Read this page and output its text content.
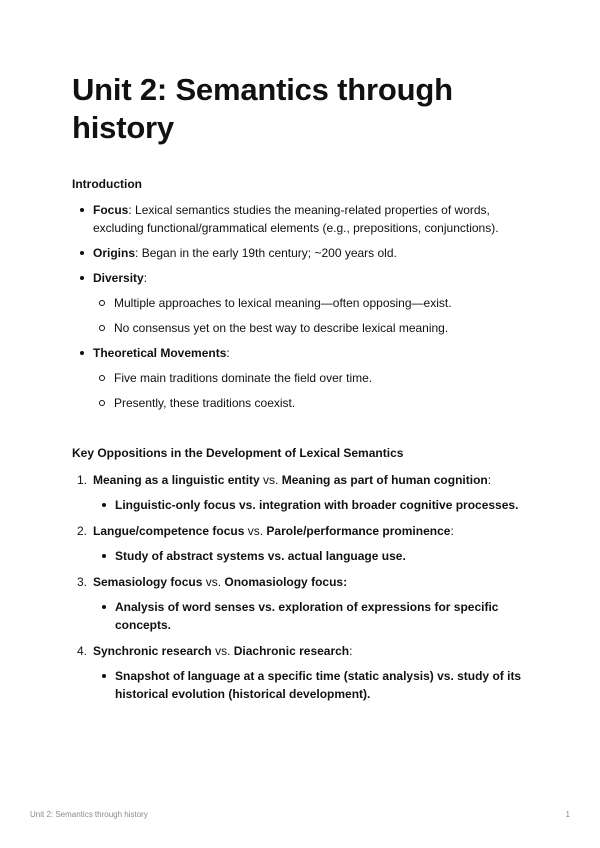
Unit 2: Semantics through history
Introduction
Focus: Lexical semantics studies the meaning-related properties of words, excluding functional/grammatical elements (e.g., prepositions, conjunctions).
Origins: Began in the early 19th century; ~200 years old.
Diversity:
Multiple approaches to lexical meaning—often opposing—exist.
No consensus yet on the best way to describe lexical meaning.
Theoretical Movements:
Five main traditions dominate the field over time.
Presently, these traditions coexist.
Key Oppositions in the Development of Lexical Semantics
1. Meaning as a linguistic entity vs. Meaning as part of human cognition:
Linguistic-only focus vs. integration with broader cognitive processes.
2. Langue/competence focus vs. Parole/performance prominence:
Study of abstract systems vs. actual language use.
3. Semasiology focus vs. Onomasiology focus:
Analysis of word senses vs. exploration of expressions for specific concepts.
4. Synchronic research vs. Diachronic research:
Snapshot of language at a specific time (static analysis) vs. study of its historical evolution (historical development).
Unit 2: Semantics through history	1
